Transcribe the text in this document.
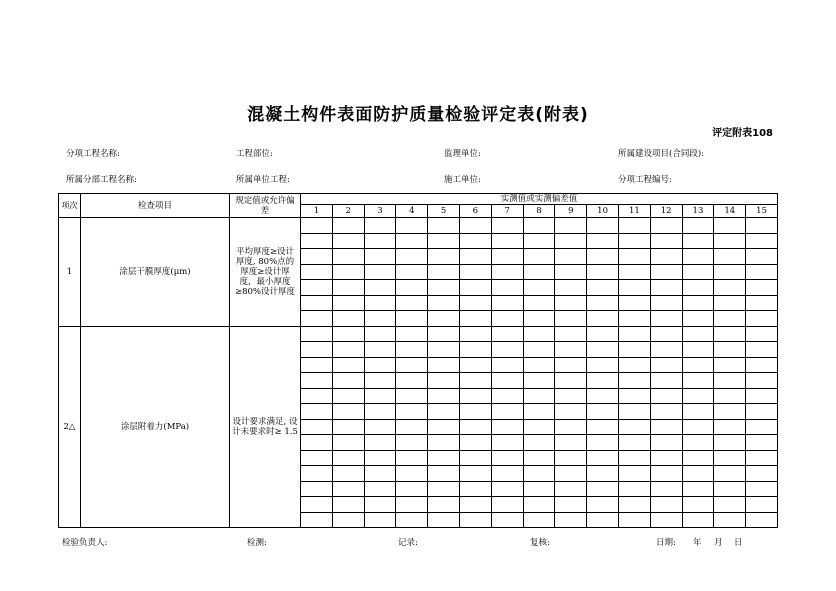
混凝土构件表面防护质量检验评定表(附表)
评定附表108
分项工程名称:	工程部位:	监理单位:	所属建设项目(合同段):
所属分部工程名称:	所属单位工程:	施工单位:	分项工程编号:
项次	检查项目	规定值或允许偏差	实测值或实测偏差值														
			1	2	3	4	5	6	7	8	9	10	11	12	13	14	15
1	涂层干膜厚度(μm)	平均厚度≥设计厚度, 80%点的厚度≥设计厚度，最小厚度≥80%设计厚度															

2△	涂层附着力(MPa)	设计要求满足, 设 计未要求时≥ 1.5															

检验负责人:	检测:	记录:	复核:	日期: 年 月 日
